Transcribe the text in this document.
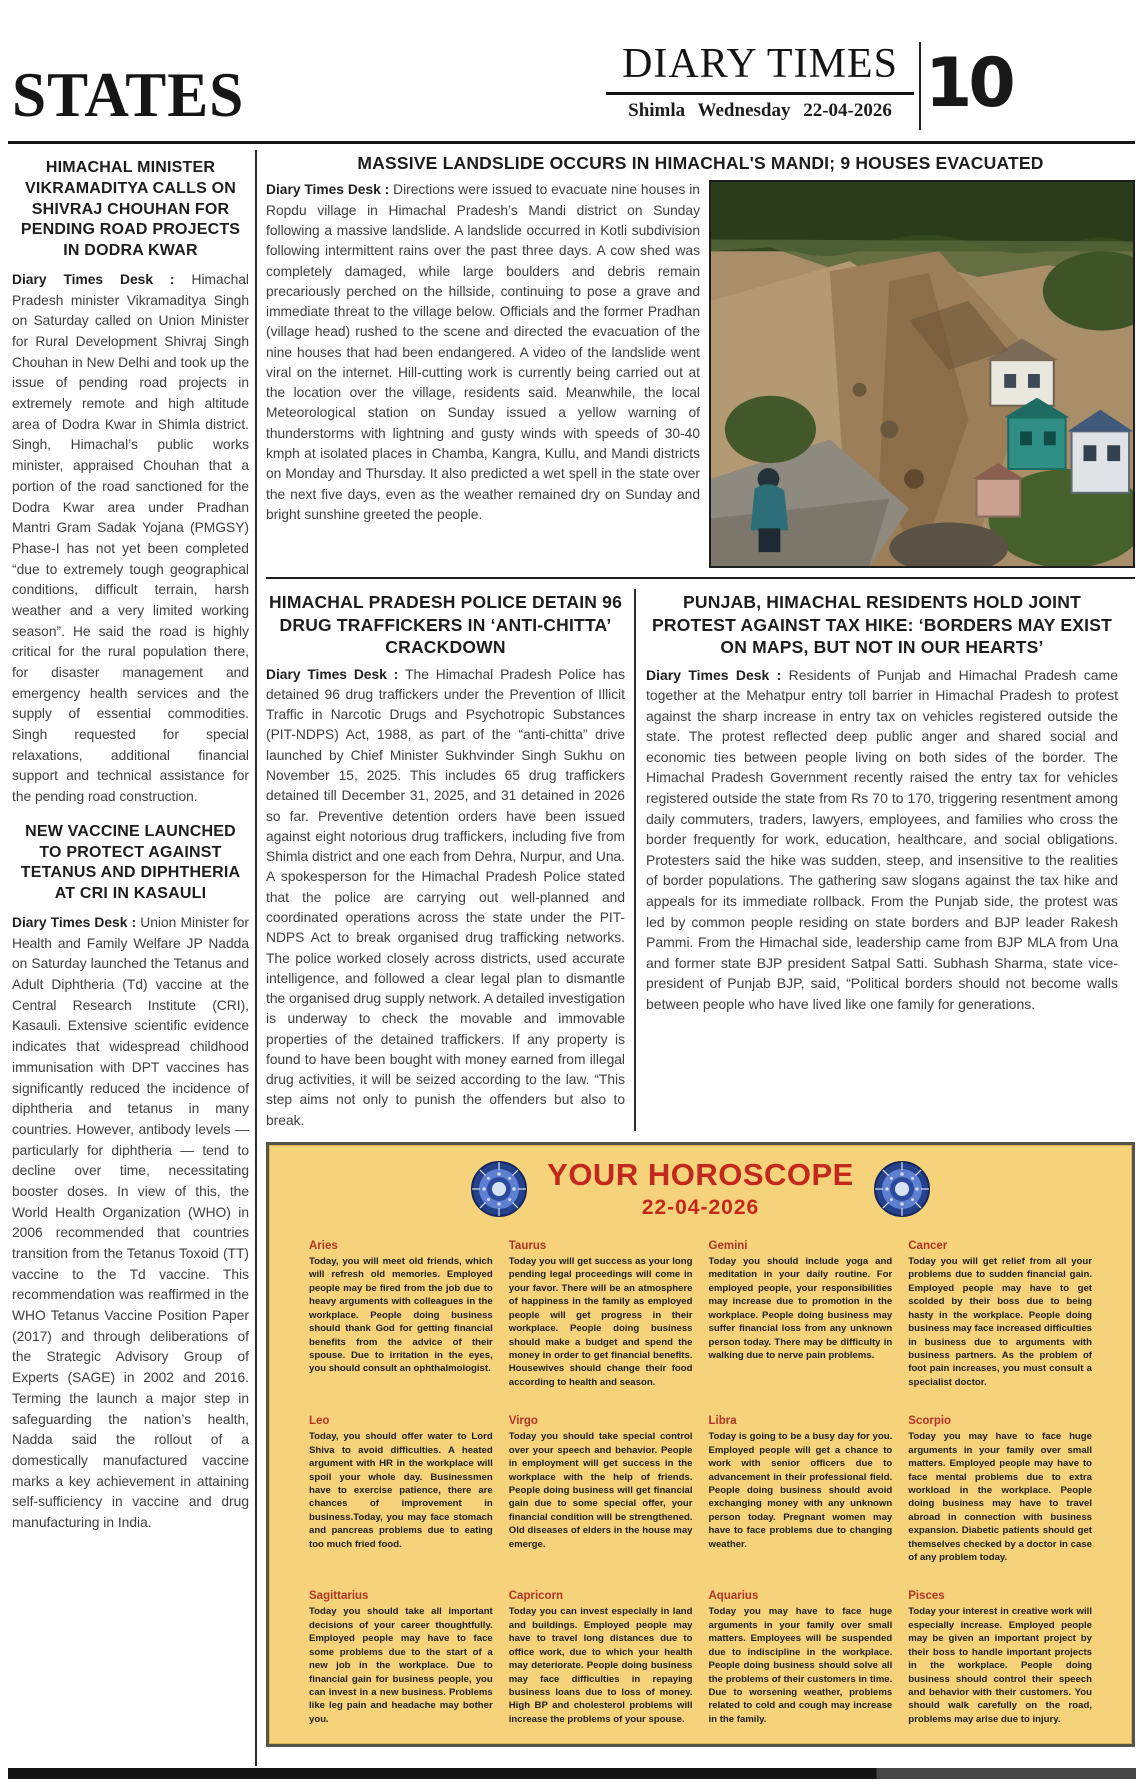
STATES	DIARY TIMES
Shimla Wednesday 22-04-2026 10
HIMACHAL MINISTER VIKRAMADITYA CALLS ON SHIVRAJ CHOUHAN FOR PENDING ROAD PROJECTS IN DODRA KWAR

Diary Times Desk : Himachal Pradesh minister Vikramaditya Singh on Saturday called on Union Minister for Rural Development Shivraj Singh Chouhan in New Delhi and took up the issue of pending road projects in extremely remote and high altitude area of Dodra Kwar in Shimla district. Singh, Himachal’s public works minister, appraised Chouhan that a portion of the road sanctioned for the Dodra Kwar area under Pradhan Mantri Gram Sadak Yojana (PMGSY) Phase-I has not yet been completed “due to extremely tough geographical conditions, difficult terrain, harsh weather and a very limited working season”. He said the road is highly critical for the rural population there, for disaster management and emergency health services and the supply of essential commodities. Singh requested for special relaxations, additional financial support and technical assistance for the pending road construction.

NEW VACCINE LAUNCHED TO PROTECT AGAINST TETANUS AND DIPHTHERIA AT CRI IN KASAULI

Diary Times Desk : Union Minister for Health and Family Welfare JP Nadda on Saturday launched the Tetanus and Adult Diphtheria (Td) vaccine at the Central Research Institute (CRI), Kasauli. Extensive scientific evidence indicates that widespread childhood immunisation with DPT vaccines has significantly reduced the incidence of diphtheria and tetanus in many countries. However, antibody levels — particularly for diphtheria — tend to decline over time, necessitating booster doses. In view of this, the World Health Organization (WHO) in 2006 recommended that countries transition from the Tetanus Toxoid (TT) vaccine to the Td vaccine. This recommendation was reaffirmed in the WHO Tetanus Vaccine Position Paper (2017) and through deliberations of the Strategic Advisory Group of Experts (SAGE) in 2002 and 2016. Terming the launch a major step in safeguarding the nation’s health, Nadda said the rollout of a domestically manufactured vaccine marks a key achievement in attaining self-sufficiency in vaccine and drug manufacturing in India.

MASSIVE LANDSLIDE OCCURS IN HIMACHAL'S MANDI; 9 HOUSES EVACUATED

Diary Times Desk : Directions were issued to evacuate nine houses in Ropdu village in Himachal Pradesh’s Mandi district on Sunday following a massive landslide. A landslide occurred in Kotli subdivision following intermittent rains over the past three days. A cow shed was completely damaged, while large boulders and debris remain precariously perched on the hillside, continuing to pose a grave and immediate threat to the village below. Officials and the former Pradhan (village head) rushed to the scene and directed the evacuation of the nine houses that had been endangered. A video of the landslide went viral on the internet. Hill-cutting work is currently being carried out at the location over the village, residents said. Meanwhile, the local Meteorological station on Sunday issued a yellow warning of thunderstorms with lightning and gusty winds with speeds of 30-40 kmph at isolated places in Chamba, Kangra, Kullu, and Mandi districts on Monday and Thursday. It also predicted a wet spell in the state over the next five days, even as the weather remained dry on Sunday and bright sunshine greeted the people.

HIMACHAL PRADESH POLICE DETAIN 96 DRUG TRAFFICKERS IN ‘ANTI-CHITTA’ CRACKDOWN

Diary Times Desk : The Himachal Pradesh Police has detained 96 drug traffickers under the Prevention of Illicit Traffic in Narcotic Drugs and Psychotropic Substances (PIT-NDPS) Act, 1988, as part of the “anti-chitta” drive launched by Chief Minister Sukhvinder Singh Sukhu on November 15, 2025. This includes 65 drug traffickers detained till December 31, 2025, and 31 detained in 2026 so far. Preventive detention orders have been issued against eight notorious drug traffickers, including five from Shimla district and one each from Dehra, Nurpur, and Una. A spokesperson for the Himachal Pradesh Police stated that the police are carrying out well-planned and coordinated operations across the state under the PIT-NDPS Act to break organised drug trafficking networks. The police worked closely across districts, used accurate intelligence, and followed a clear legal plan to dismantle the organised drug supply network. A detailed investigation is underway to check the movable and immovable properties of the detained traffickers. If any property is found to have been bought with money earned from illegal drug activities, it will be seized according to the law. “This step aims not only to punish the offenders but also to break.

PUNJAB, HIMACHAL RESIDENTS HOLD JOINT PROTEST AGAINST TAX HIKE: ‘BORDERS MAY EXIST ON MAPS, BUT NOT IN OUR HEARTS’

Diary Times Desk : Residents of Punjab and Himachal Pradesh came together at the Mehatpur entry toll barrier in Himachal Pradesh to protest against the sharp increase in entry tax on vehicles registered outside the state. The protest reflected deep public anger and shared social and economic ties between people living on both sides of the border. The Himachal Pradesh Government recently raised the entry tax for vehicles registered outside the state from Rs 70 to 170, triggering resentment among daily commuters, traders, lawyers, employees, and families who cross the border frequently for work, education, healthcare, and social obligations. Protesters said the hike was sudden, steep, and insensitive to the realities of border populations. The gathering saw slogans against the tax hike and appeals for its immediate rollback. From the Punjab side, the protest was led by common people residing on state borders and BJP leader Rakesh Pammi. From the Himachal side, leadership came from BJP MLA from Una and former state BJP president Satpal Satti. Subhash Sharma, state vice-president of Punjab BJP, said, “Political borders should not become walls between people who have lived like one family for generations.

YOUR HOROSCOPE
22-04-2026
Aries
Today, you will meet old friends, which will refresh old memories. Employed people may be fired from the job due to heavy arguments with colleagues in the workplace. People doing business should thank God for getting financial benefits from the advice of their spouse. Due to irritation in the eyes, you should consult an ophthalmologist.
Taurus
Today you will get success as your long pending legal proceedings will come in your favor. There will be an atmosphere of happiness in the family as employed people will get progress in their workplace. People doing business should make a budget and spend the money in order to get financial benefits. Housewives should change their food according to health and season.
Gemini
Today you should include yoga and meditation in your daily routine. For employed people, your responsibilities may increase due to promotion in the workplace. People doing business may suffer financial loss from any unknown person today. There may be difficulty in walking due to nerve pain problems.
Cancer
Today you will get relief from all your problems due to sudden financial gain. Employed people may have to get scolded by their boss due to being hasty in the workplace. People doing business may face increased difficulties in business due to arguments with business partners. As the problem of foot pain increases, you must consult a specialist doctor.
Leo
Today, you should offer water to Lord Shiva to avoid difficulties. A heated argument with HR in the workplace will spoil your whole day. Businessmen have to exercise patience, there are chances of improvement in business.Today, you may face stomach and pancreas problems due to eating too much fried food.
Virgo
Today you should take special control over your speech and behavior. People in employment will get success in the workplace with the help of friends. People doing business will get financial gain due to some special offer, your financial condition will be strengthened. Old diseases of elders in the house may emerge.
Libra
Today is going to be a busy day for you. Employed people will get a chance to work with senior officers due to advancement in their professional field. People doing business should avoid exchanging money with any unknown person today. Pregnant women may have to face problems due to changing weather.
Scorpio
Today you may have to face huge arguments in your family over small matters. Employed people may have to face mental problems due to extra workload in the workplace. People doing business may have to travel abroad in connection with business expansion. Diabetic patients should get themselves checked by a doctor in case of any problem today.
Sagittarius
Today you should take all important decisions of your career thoughtfully. Employed people may have to face some problems due to the start of a new job in the workplace. Due to financial gain for business people, you can invest in a new business. Problems like leg pain and headache may bother you.
Capricorn
Today you can invest especially in land and buildings. Employed people may have to travel long distances due to office work, due to which your health may deteriorate. People doing business may face difficulties in repaying business loans due to loss of money. High BP and cholesterol problems will increase the problems of your spouse.
Aquarius
Today you may have to face huge arguments in your family over small matters. Employees will be suspended due to indiscipline in the workplace. People doing business should solve all the problems of their customers in time. Due to worsening weather, problems related to cold and cough may increase in the family.
Pisces
Today your interest in creative work will especially increase. Employed people may be given an important project by their boss to handle important projects in the workplace. People doing business should control their speech and behavior with their customers. You should walk carefully on the road, problems may arise due to injury.
